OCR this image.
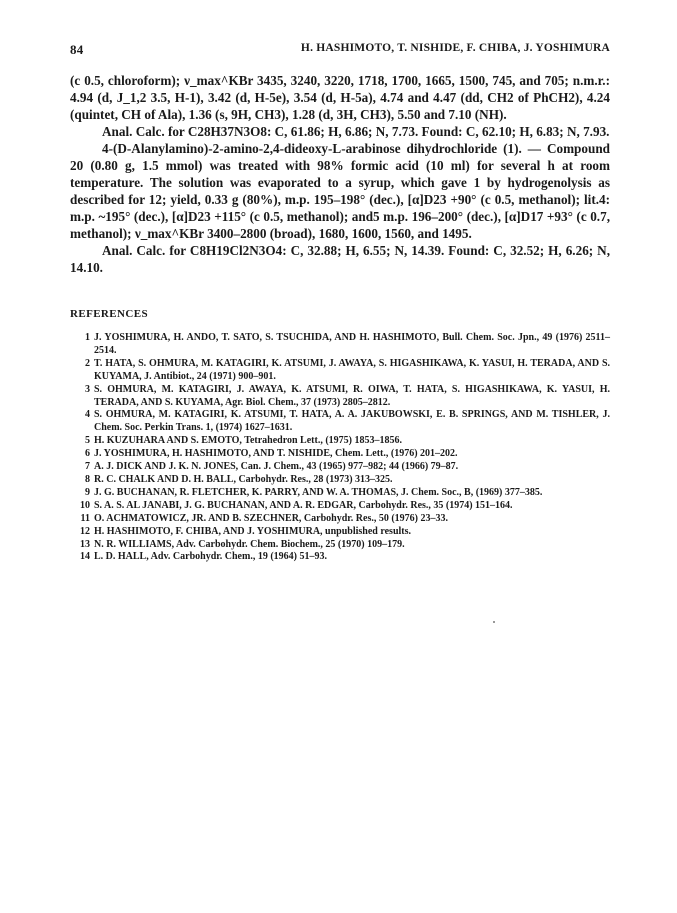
84	H. HASHIMOTO, T. NISHIDE, F. CHIBA, J. YOSHIMURA

(c 0.5, chloroform); ν_max^KBr 3435, 3240, 3220, 1718, 1700, 1665, 1500, 745, and 705; n.m.r.: 4.94 (d, J_1,2 3.5, H-1), 3.42 (d, H-5e), 3.54 (d, H-5a), 4.74 and 4.47 (dd, CH2 of PhCH2), 4.24 (quintet, CH of Ala), 1.36 (s, 9H, CH3), 1.28 (d, 3H, CH3), 5.50 and 7.10 (NH).

Anal. Calc. for C28H37N3O8: C, 61.86; H, 6.86; N, 7.73. Found: C, 62.10; H, 6.83; N, 7.93.

4-(D-Alanylamino)-2-amino-2,4-dideoxy-L-arabinose dihydrochloride (1). — Compound 20 (0.80 g, 1.5 mmol) was treated with 98% formic acid (10 ml) for several h at room temperature. The solution was evaporated to a syrup, which gave 1 by hydrogenolysis as described for 12; yield, 0.33 g (80%), m.p. 195–198° (dec.), [α]D23 +90° (c 0.5, methanol); lit.4: m.p. ~195° (dec.), [α]D23 +115° (c 0.5, methanol); and5 m.p. 196–200° (dec.), [α]D17 +93° (c 0.7, methanol); ν_max^KBr 3400–2800 (broad), 1680, 1600, 1560, and 1495.

Anal. Calc. for C8H19Cl2N3O4: C, 32.88; H, 6.55; N, 14.39. Found: C, 32.52; H, 6.26; N, 14.10.

REFERENCES
1 J. YOSHIMURA, H. ANDO, T. SATO, S. TSUCHIDA, AND H. HASHIMOTO, Bull. Chem. Soc. Jpn., 49 (1976) 2511–2514.
2 T. HATA, S. OHMURA, M. KATAGIRI, K. ATSUMI, J. AWAYA, S. HIGASHIKAWA, K. YASUI, H. TERADA, AND S. KUYAMA, J. Antibiot., 24 (1971) 900–901.
3 S. OHMURA, M. KATAGIRI, J. AWAYA, K. ATSUMI, R. OIWA, T. HATA, S. HIGASHIKAWA, K. YASUI, H. TERADA, AND S. KUYAMA, Agr. Biol. Chem., 37 (1973) 2805–2812.
4 S. OHMURA, M. KATAGIRI, K. ATSUMI, T. HATA, A. A. JAKUBOWSKI, E. B. SPRINGS, AND M. TISHLER, J. Chem. Soc. Perkin Trans. 1, (1974) 1627–1631.
5 H. KUZUHARA AND S. EMOTO, Tetrahedron Lett., (1975) 1853–1856.
6 J. YOSHIMURA, H. HASHIMOTO, AND T. NISHIDE, Chem. Lett., (1976) 201–202.
7 A. J. DICK AND J. K. N. JONES, Can. J. Chem., 43 (1965) 977–982; 44 (1966) 79–87.
8 R. C. CHALK AND D. H. BALL, Carbohydr. Res., 28 (1973) 313–325.
9 J. G. BUCHANAN, R. FLETCHER, K. PARRY, AND W. A. THOMAS, J. Chem. Soc., B, (1969) 377–385.
10 S. A. S. AL JANABI, J. G. BUCHANAN, AND A. R. EDGAR, Carbohydr. Res., 35 (1974) 151–164.
11 O. ACHMATOWICZ, JR. AND B. SZECHNER, Carbohydr. Res., 50 (1976) 23–33.
12 H. HASHIMOTO, F. CHIBA, AND J. YOSHIMURA, unpublished results.
13 N. R. WILLIAMS, Adv. Carbohydr. Chem. Biochem., 25 (1970) 109–179.
14 L. D. HALL, Adv. Carbohydr. Chem., 19 (1964) 51–93.
